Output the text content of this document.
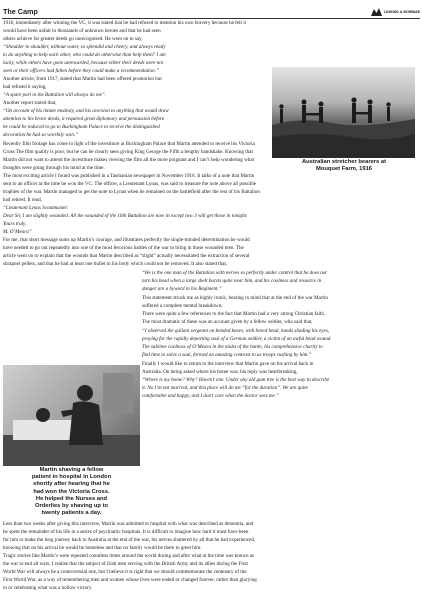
The Camp	LINKING & BORBIAE
Australian stretcher bearers at
Mouquet Farm, 1916
Martin shaving a fellow
patient in hospital in London
shortly after hearing that he
had won the Victoria Cross.
He helped the Nurses and
Orderlies by shaving up to
twenty patients a day.

1916, immediately after winning the VC, it was stated that he had refused to mention his own bravery because he felt it

would have been unfair to thousands of unknown heroes and that he had seen

others achieve far greater deeds go unrecognised. He went on to say,

“Shoulder to shoulder, without water, so splendid and cheery, and always ready

to do anything to help each other, who could do otherwise than help them? I am

lucky, while others have gone unrewarded, because either their deeds were not

seen or their officers had fallen before they could make a recommendation.”

Another article, from 1917, stated that Martin had been offered promotion but

had refused it saying,

“A spare part in the Battalion will always do me”.

Another report stated that,

“On account of his innate modesty, and his aversion to anything that would draw

attention to his brave deeds, it required great diplomacy and persuasion before

he could be induced to go to Buckingham Palace to receive the distinguished

decoration he had so worthily won.”

Recently film footage has come to light of the investiture at Buckingham Palace that Martin attended to receive his Victoria

Cross The film quality is poor, but he can be clearly seen giving King George the Fifth a lengthy handshake. Knowing that

Martin did not want to attend the investiture makes viewing the film all the more poignant and I can’t help wondering what

thoughts were going through his mind at the time.

The most exciting article I found was published in a Tasmanian newspaper in November 1916. It talks of a note that Martin

sent to an officer at the time he won the VC. The officer, a Lieutenant Lynas, was said to treasure the note above all possible

trophies of the war. Martin managed to get the note to Lynas when he remained on the battlefield after the rest of his Battalion

had retired. It read,

“Lieutenant Lynas Scoutmaster.

Dear Sir, I am slightly wounded. All the wounded of the 16th Battalion are now in except two. I will get those in tonight.

Yours truly,

M. O’Meara”

For me, that short message sums up Martin’s courage, and illustrates perfectly the single-minded determination he would

have needed to go out repeatedly into one of the most ferocious battles of the war to bring in those wounded men. The

article went on to explain that the wounds that Martin described as “slight” actually necessitated the extraction of several

shrapnel pellets, and that he had at least one bullet in his body which could not be removed. It also stated that,

“He is the one man of the Battalion with nerves so perfectly under control that he does not

turn his head when a large shell bursts quite near him, and his coolness and resource in

danger are a byword in his Regiment.”

This statement struck me as highly ironic, bearing in mind that at the end of the war Martin

suffered a complete mental breakdown.

There were quite a few references to the fact that Martin had a very strong Christian faith.

The most dramatic of these was an account given by a fellow soldier, who said that,

“I observed the gallant sergeant on bended knees, with bared head, hands shading his eyes,

praying for the rapidly departing soul of a German soldier, a victim of an awful head wound.

The sublime coolness of O’Meara in the midst of the battle, his comprehensive charity to

find time to salve a soul, formed an amazing contrast to us troops rushing by him.”

Finally I would like to return to the interview that Martin gave on his arrival back in

Australia. On being asked where his home was, his reply was heartbreaking,

“Where is my home? Why? Haven’t one. Under any old gum tree is the best way to describe

it. No I’m not married, and this place will do me “for the duration”. We are quite

comfortable and happy, and I don’t care when the doctor sees me.”

Less than two weeks after giving this interview, Martin was admitted to hospital with what was described as dementia, and

he spent the remainder of his life in a series of psychiatric hospitals. It is difficult to imagine how hard it must have been

for him to make the long journey back to Australia at the end of the war, his nerves shattered by all that he had experienced,

knowing that on his arrival he would be homeless and that no family would be there to greet him.

Tragic stories like Martin’s were repeated countless times around the world during and after what at the time was known as

the war to end all wars. I realise that the subject of Irish men serving with the British Army and its allies during the First

World War will always be a controversial one, but I believe it is right that we should commemorate the centenary of the

First World War, as a way of remembering men and women whose lives were ended or changed forever, rather than glorying

in or celebrating what was a hollow victory.
